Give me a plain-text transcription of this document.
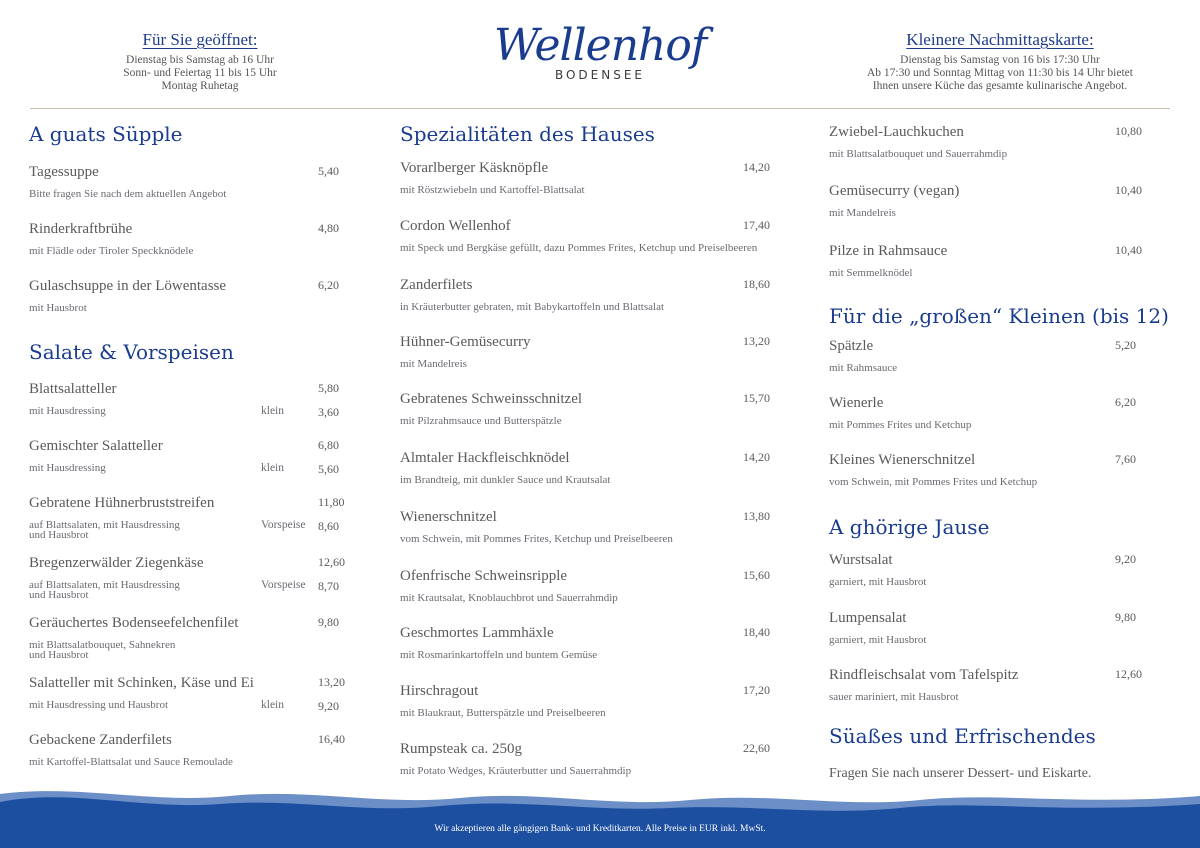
Für Sie geöffnet:
Dienstag bis Samstag ab 16 Uhr
Sonn- und Feiertag 11 bis 15 Uhr
Montag Ruhetag
Wellenhof
BODENSEE
Kleinere Nachmittagskarte:
Dienstag bis Samstag von 16 bis 17:30 Uhr
Ab 17:30 und Sonntag Mittag von 11:30 bis 14 Uhr bietet
Ihnen unsere Küche das gesamte kulinarische Angebot.
A guats Süpple
Tagessuppe
Bitte fragen Sie nach dem aktuellen Angebot
5,40
Rinderkraftbrühe
mit Flädle oder Tiroler Speckknödele
4,80
Gulaschsuppe in der Löwentasse
mit Hausbrot
6,20
Salate & Vorspeisen
Blattsalatteller
mit Hausdressing
5,80
klein	3,60
Gemischter Salatteller
mit Hausdressing
6,80
klein	5,60
Gebratene Hühnerbruststreifen
auf Blattsalaten, mit Hausdressing
und Hausbrot
11,80
Vorspeise 8,60
Bregenzerwälder Ziegenkäse
auf Blattsalaten, mit Hausdressing
und Hausbrot
12,60
Vorspeise 8,70
Geräuchertes Bodenseefelchenfilet
mit Blattsalatbouquet, Sahnekren
und Hausbrot
9,80
Salatteller mit Schinken, Käse und Ei
mit Hausdressing und Hausbrot
13,20
klein	9,20
Gebackene Zanderfilets
mit Kartoffel-Blattsalat und Sauce Remoulade
16,40
Spezialitäten des Hauses
Vorarlberger Käsknöpfle
mit Röstzwiebeln und Kartoffel-Blattsalat
14,20
Cordon Wellenhof
mit Speck und Bergkäse gefüllt, dazu Pommes Frites, Ketchup und Preiselbeeren
17,40
Zanderfilets
in Kräuterbutter gebraten, mit Babykartoffeln und Blattsalat
18,60
Hühner-Gemüsecurry
mit Mandelreis
13,20
Gebratenes Schweinsschnitzel
mit Pilzrahmsauce und Butterspätzle
15,70
Almtaler Hackfleischknödel
im Brandteig, mit dunkler Sauce und Krautsalat
14,20
Wienerschnitzel
vom Schwein, mit Pommes Frites, Ketchup und Preiselbeeren
13,80
Ofenfrische Schweinsripple
mit Krautsalat, Knoblauchbrot und Sauerrahmdip
15,60
Geschmortes Lammhäxle
mit Rosmarinkartoffeln und buntem Gemüse
18,40
Hirschragout
mit Blaukraut, Butterspätzle und Preiselbeeren
17,20
Rumpsteak ca. 250g
mit Potato Wedges, Kräuterbutter und Sauerrahmdip
22,60
Zwiebel-Lauchkuchen
mit Blattsalatbouquet und Sauerrahmdip
10,80
Gemüsecurry (vegan)
mit Mandelreis
10,40
Pilze in Rahmsauce
mit Semmelknödel
10,40
Für die „großen“ Kleinen (bis 12)
Spätzle
mit Rahmsauce
5,20
Wienerle
mit Pommes Frites und Ketchup
6,20
Kleines Wienerschnitzel
vom Schwein, mit Pommes Frites und Ketchup
7,60
A ghörige Jause
Wurstsalat
garniert, mit Hausbrot
9,20
Lumpensalat
garniert, mit Hausbrot
9,80
Rindfleischsalat vom Tafelspitz
sauer mariniert, mit Hausbrot
12,60
Süaßes und Erfrischendes
Fragen Sie nach unserer Dessert- und Eiskarte.
Wir akzeptieren alle gängigen Bank- und Kreditkarten. Alle Preise in EUR inkl. MwSt.
